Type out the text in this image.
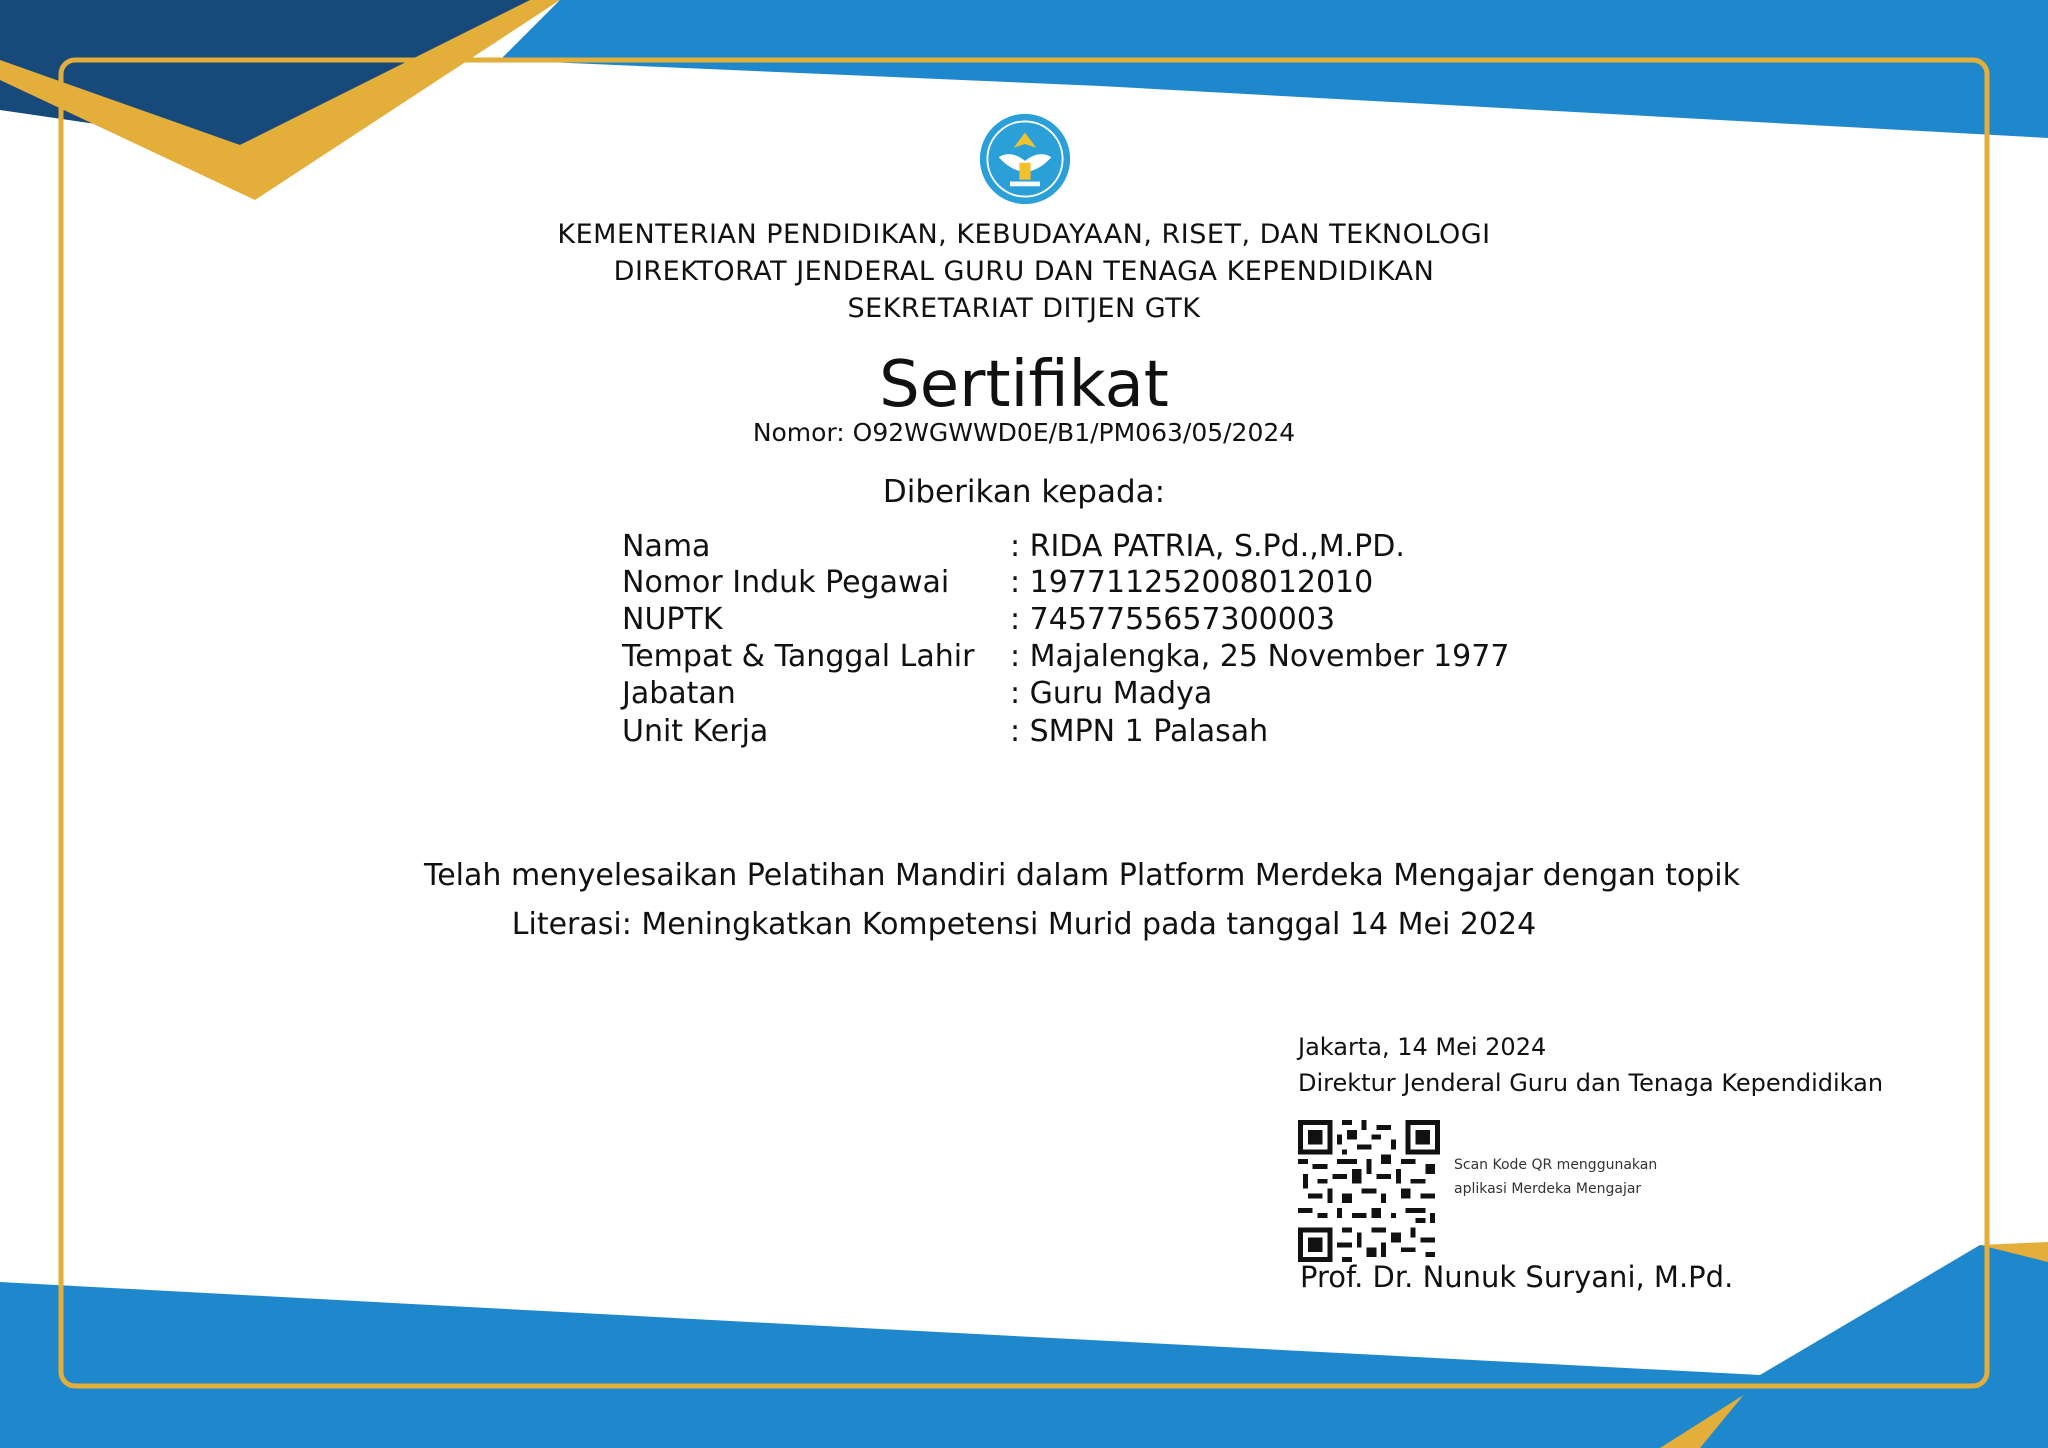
KEMENTERIAN PENDIDIKAN, KEBUDAYAAN, RISET, DAN TEKNOLOGI
DIREKTORAT JENDERAL GURU DAN TENAGA KEPENDIDIKAN
SEKRETARIAT DITJEN GTK
Sertifikat
Nomor: O92WGWWD0E/B1/PM063/05/2024
Diberikan kepada:
Nama	: RIDA PATRIA, S.Pd.,M.PD.
Nomor Induk Pegawai : 197711252008012010
NUPTK	: 7457755657300003
Tempat & Tanggal Lahir : Majalengka, 25 November 1977
Jabatan	: Guru Madya
Unit Kerja	: SMPN 1 Palasah
Telah menyelesaikan Pelatihan Mandiri dalam Platform Merdeka Mengajar dengan topik
Literasi: Meningkatkan Kompetensi Murid pada tanggal 14 Mei 2024
Jakarta, 14 Mei 2024
Direktur Jenderal Guru dan Tenaga Kependidikan
Scan Kode QR menggunakan
aplikasi Merdeka Mengajar
Prof. Dr. Nunuk Suryani, M.Pd.
